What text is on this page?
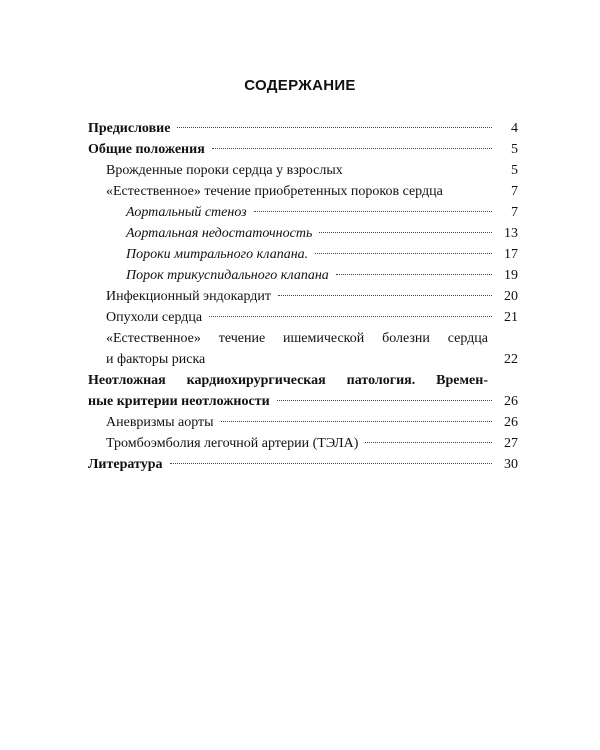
СОДЕРЖАНИЕ
Предисловие	4
Общие положения	5
Врожденные пороки сердца у взрослых	5
«Естественное» течение приобретенных пороков сердца	7
Аортальный стеноз	7
Аортальная недостаточность	13
Пороки митрального клапана.	17
Порок трикуспидального клапана	19
Инфекционный эндокардит	20
Опухоли сердца	21
«Естественное» течение ишемической болезни сердца
и факторы риска	22
Неотложная кардиохирургическая патология. Времен-
ные критерии неотложности	26
Аневризмы аорты	26
Тромбоэмболия легочной артерии (ТЭЛА)	27
Литература	30
